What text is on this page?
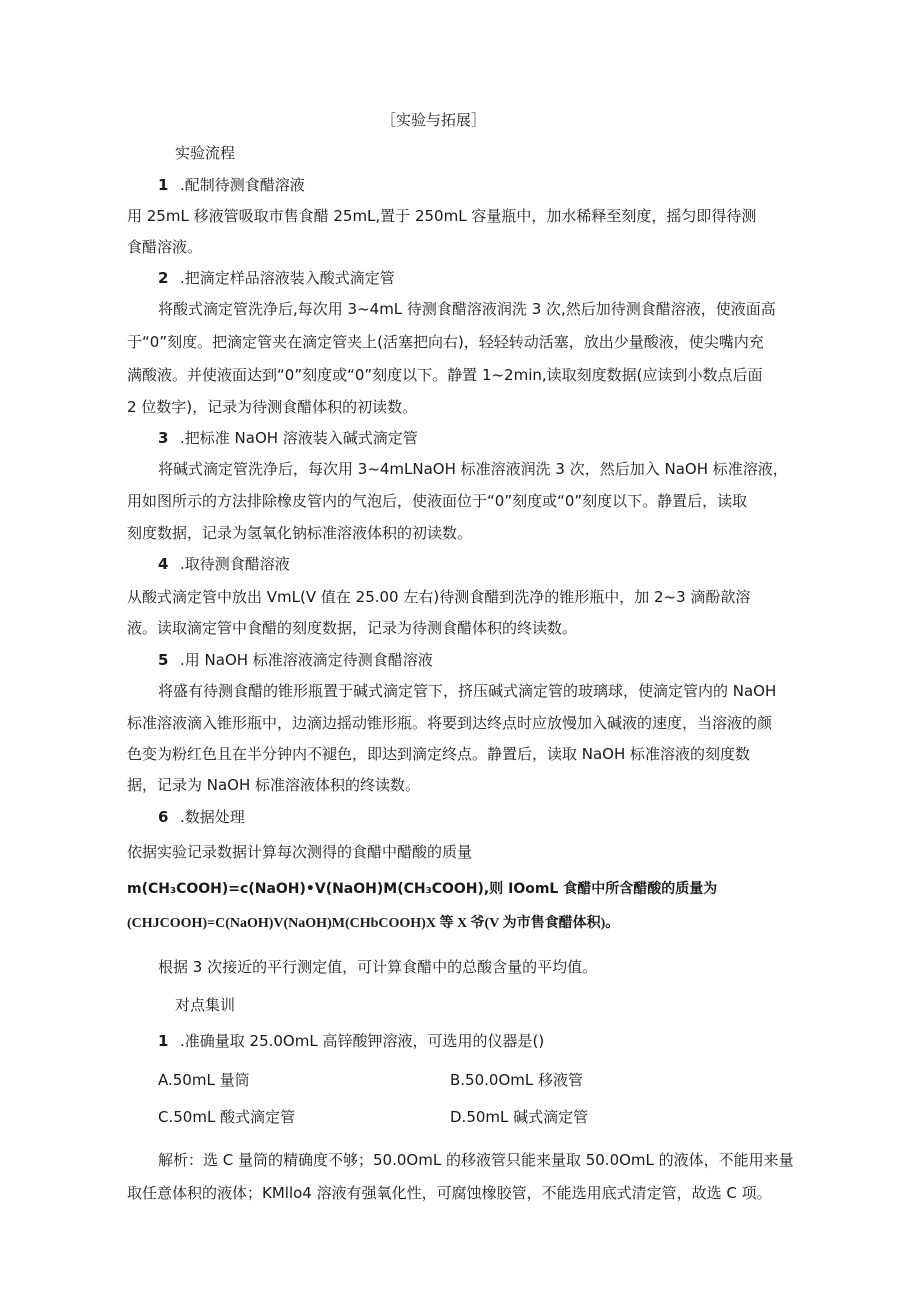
［实验与拓展］
实验流程
1 .配制待测食醋溶液
用 25mL 移液管吸取市售食醋 25mL,置于 250mL 容量瓶中，加水稀释至刻度，摇匀即得待测
食醋溶液。
2 .把滴定样品溶液装入酸式滴定管
将酸式滴定管洗净后,每次用 3~4mL 待测食醋溶液润洗 3 次,然后加待测食醋溶液，使液面高
于“0”刻度。把滴定管夹在滴定管夹上(活塞把向右)，轻轻转动活塞，放出少量酸液，使尖嘴内充
满酸液。并使液面达到“0”刻度或“0”刻度以下。静置 1~2min,读取刻度数据(应读到小数点后面
2 位数字)，记录为待测食醋体积的初读数。
3 .把标准 NaOH 溶液装入碱式滴定管
将碱式滴定管洗净后，每次用 3~4mLNaOH 标准溶液润洗 3 次，然后加入 NaOH 标准溶液，
用如图所示的方法排除橡皮管内的气泡后，使液面位于“0”刻度或“0”刻度以下。静置后，读取
刻度数据，记录为氢氧化钠标准溶液体积的初读数。
4 .取待测食醋溶液
从酸式滴定管中放出 VmL(V 值在 25.00 左右)待测食醋到洗净的锥形瓶中，加 2~3 滴酚歆溶
液。读取滴定管中食醋的刻度数据，记录为待测食醋体积的终读数。
5 .用 NaOH 标准溶液滴定待测食醋溶液
将盛有待测食醋的锥形瓶置于碱式滴定管下，挤压碱式滴定管的玻璃球，使滴定管内的 NaOH
标准溶液滴入锥形瓶中，边滴边摇动锥形瓶。将要到达终点时应放慢加入碱液的速度，当溶液的颜
色变为粉红色且在半分钟内不褪色，即达到滴定终点。静置后，读取 NaOH 标准溶液的刻度数
据，记录为 NaOH 标准溶液体积的终读数。
6 .数据处理
依据实验记录数据计算每次测得的食醋中醋酸的质量
m(CH₃COOH)=c(NaOH)•V(NaOH)M(CH₃COOH),则 IOomL 食醋中所含醋酸的质量为
(CHJCOOH)=C(NaOH)V(NaOH)M(CHbCOOH)X 等 X 爷(V 为市售食醋体积)。
根据 3 次接近的平行测定值，可计算食醋中的总酸含量的平均值。
对点集训
1 .准确量取 25.0OmL 高锌酸钾溶液，可选用的仪器是()
A.50mL 量筒	B.50.0OmL 移液管
C.50mL 酸式滴定管	D.50mL 碱式滴定管
解析：选 C 量筒的精确度不够；50.0OmL 的移液管只能来量取 50.0OmL 的液体，不能用来量
取任意体积的液体；KMllo4 溶液有强氧化性，可腐蚀橡胶管，不能选用底式清定管，故选 C 项。
